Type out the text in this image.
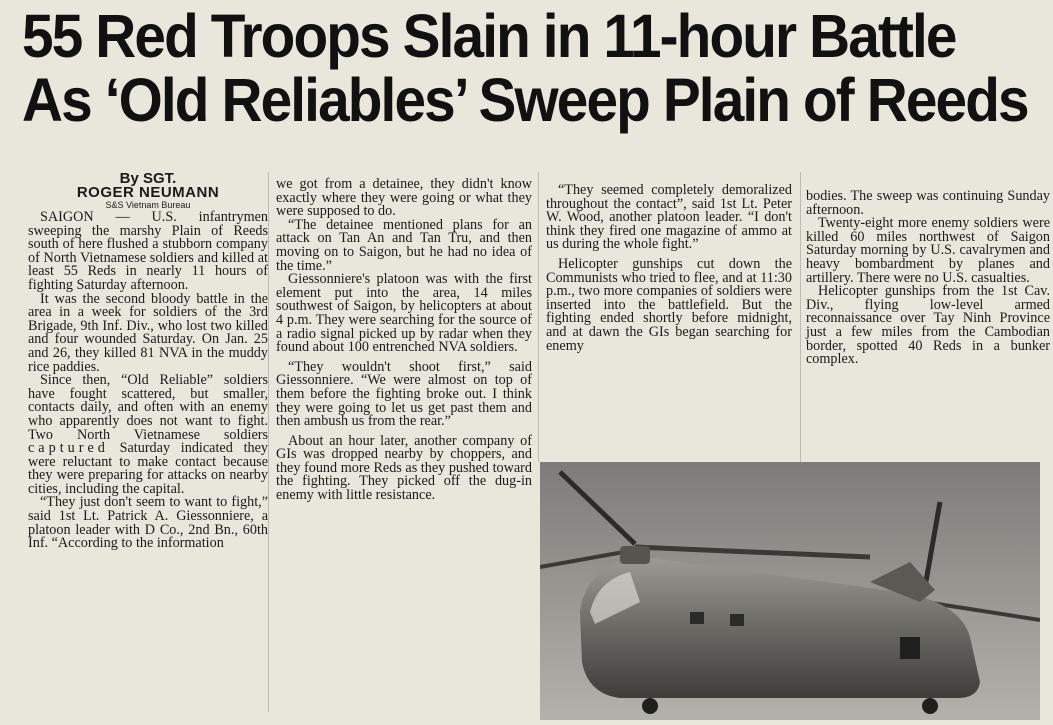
55 Red Troops Slain in 11-hour Battle
As ‘Old Reliables’ Sweep Plain of Reeds
By SGT.
ROGER NEUMANN
S&S Vietnam Bureau

SAIGON — U.S. infantrymen sweeping the marshy Plain of Reeds south of here flushed a stubborn company of North Vietnamese soldiers and killed at least 55 Reds in nearly 11 hours of fighting Saturday afternoon.

It was the second bloody battle in the area in a week for soldiers of the 3rd Brigade, 9th Inf. Div., who lost two killed and four wounded Saturday. On Jan. 25 and 26, they killed 81 NVA in the muddy rice paddies.

Since then, “Old Reliable” soldiers have fought scattered, but smaller, contacts daily, and often with an enemy who apparently does not want to fight. Two North Vietnamese soldiers captured Saturday indicated they were reluctant to make contact because they were preparing for attacks on nearby cities, including the capital.

“They just don't seem to want to fight,” said 1st Lt. Patrick A. Giessonniere, a platoon leader with D Co., 2nd Bn., 60th Inf. “According to the information

we got from a detainee, they didn't know exactly where they were going or what they were supposed to do.

“The detainee mentioned plans for an attack on Tan An and Tan Tru, and then moving on to Saigon, but he had no idea of the time.”

Giessonniere's platoon was with the first element put into the area, 14 miles southwest of Saigon, by helicopters at about 4 p.m. They were searching for the source of a radio signal picked up by radar when they found about 100 entrenched NVA soldiers.

“They wouldn't shoot first,” said Giessonniere. “We were almost on top of them before the fighting broke out. I think they were going to let us get past them and then ambush us from the rear.”

About an hour later, another company of GIs was dropped nearby by choppers, and they found more Reds as they pushed toward the fighting. They picked off the dug-in enemy with little resistance.

“They seemed completely demoralized throughout the contact”, said 1st Lt. Peter W. Wood, another platoon leader. “I don't think they fired one magazine of ammo at us during the whole fight.”

Helicopter gunships cut down the Communists who tried to flee, and at 11:30 p.m., two more companies of soldiers were inserted into the battlefield. But the fighting ended shortly before midnight, and at dawn the GIs began searching for enemy

bodies. The sweep was continuing Sunday afternoon.

Twenty-eight more enemy soldiers were killed 60 miles northwest of Saigon Saturday morning by U.S. cavalrymen and heavy bombardment by planes and artillery. There were no U.S. casualties.

Helicopter gunships from the 1st Cav. Div., flying low-level armed reconnaissance over Tay Ninh Province just a few miles from the Cambodian border, spotted 40 Reds in a bunker complex.
